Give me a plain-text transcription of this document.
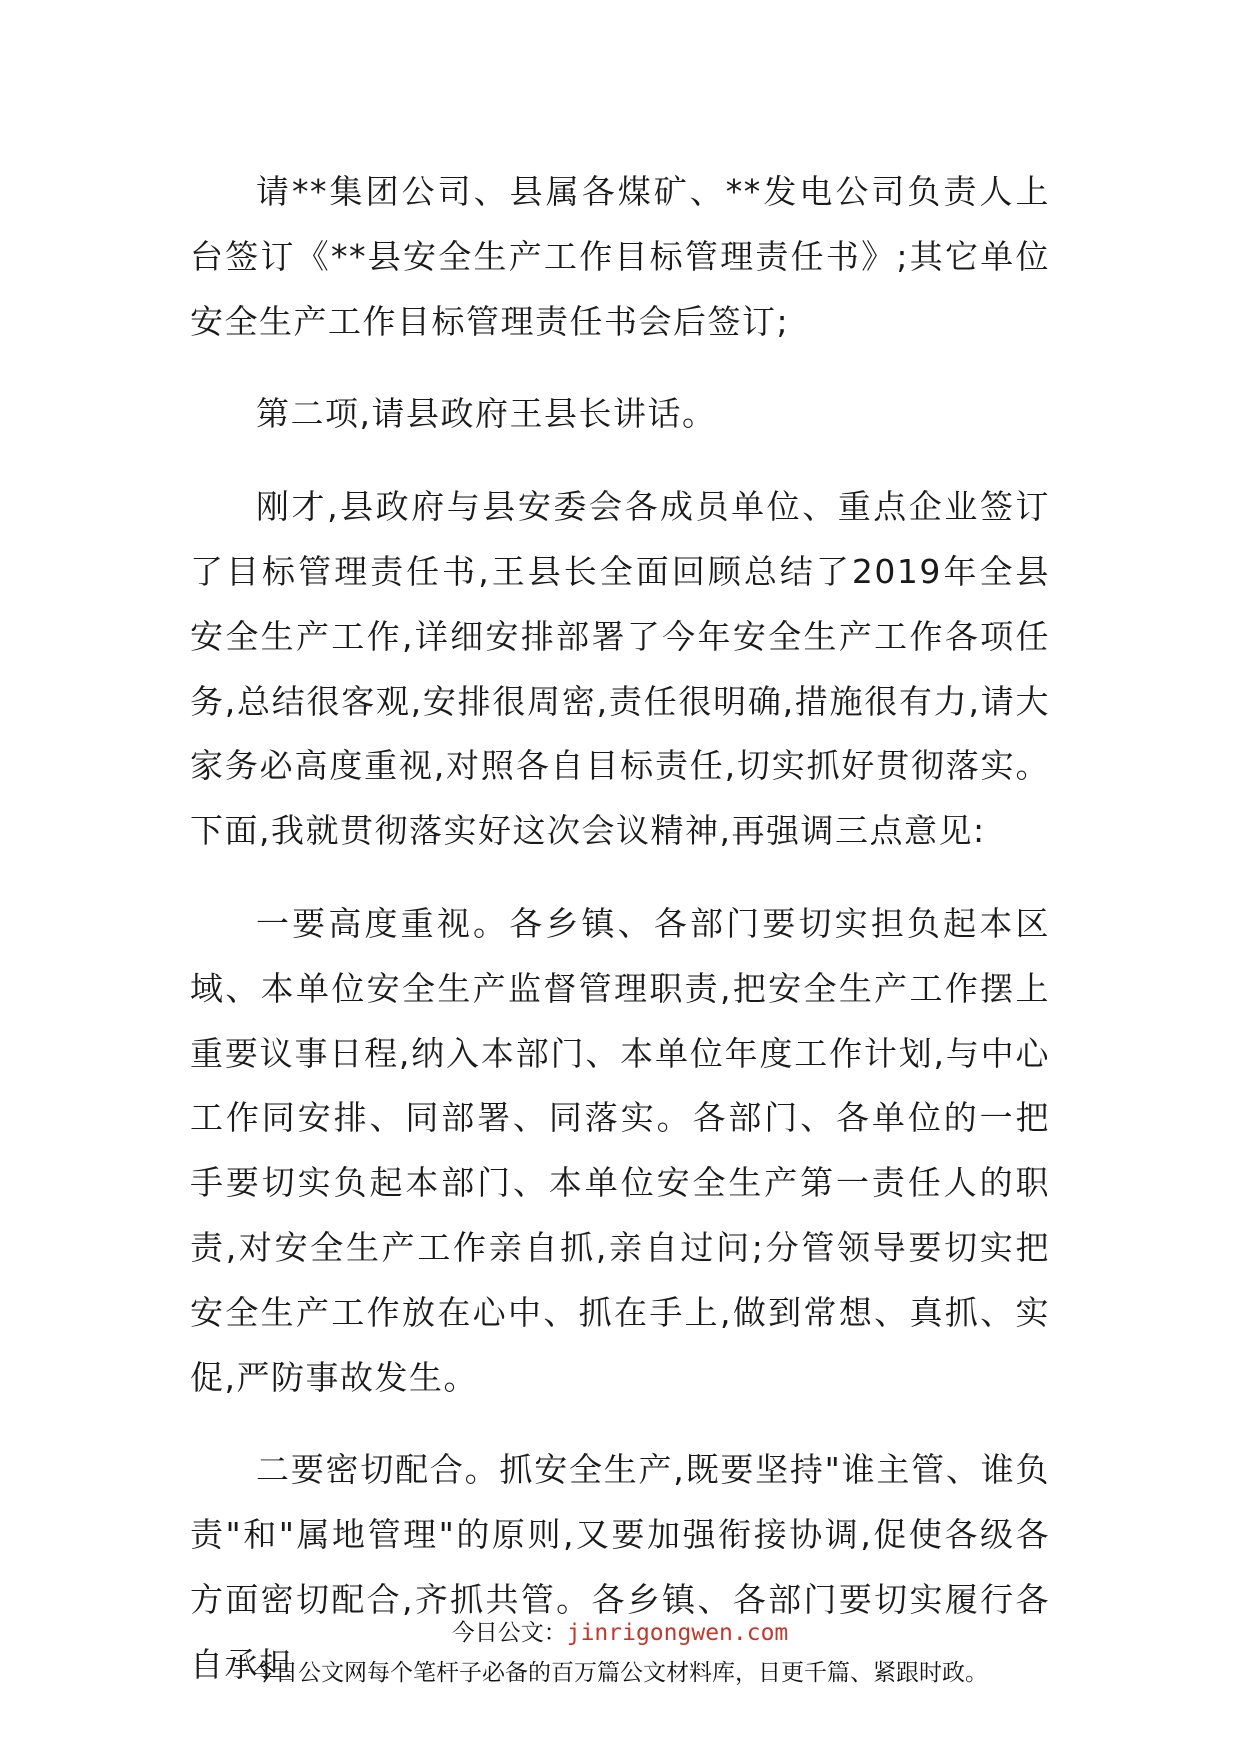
请**集团公司、县属各煤矿、**发电公司负责人上台签订《**县安全生产工作目标管理责任书》;其它单位安全生产工作目标管理责任书会后签订;

第二项,请县政府王县长讲话。

刚才,县政府与县安委会各成员单位、重点企业签订了目标管理责任书,王县长全面回顾总结了2019年全县安全生产工作,详细安排部署了今年安全生产工作各项任务,总结很客观,安排很周密,责任很明确,措施很有力,请大家务必高度重视,对照各自目标责任,切实抓好贯彻落实。下面,我就贯彻落实好这次会议精神,再强调三点意见:

一要高度重视。各乡镇、各部门要切实担负起本区域、本单位安全生产监督管理职责,把安全生产工作摆上重要议事日程,纳入本部门、本单位年度工作计划,与中心工作同安排、同部署、同落实。各部门、各单位的一把手要切实负起本部门、本单位安全生产第一责任人的职责,对安全生产工作亲自抓,亲自过问;分管领导要切实把安全生产工作放在心中、抓在手上,做到常想、真抓、实促,严防事故发生。

二要密切配合。抓安全生产,既要坚持"谁主管、谁负责"和"属地管理"的原则,又要加强衔接协调,促使各级各方面密切配合,齐抓共管。各乡镇、各部门要切实履行各自承担

今日公文：jinrigongwen.com
今日公文网每个笔杆子必备的百万篇公文材料库，日更千篇、紧跟时政。
